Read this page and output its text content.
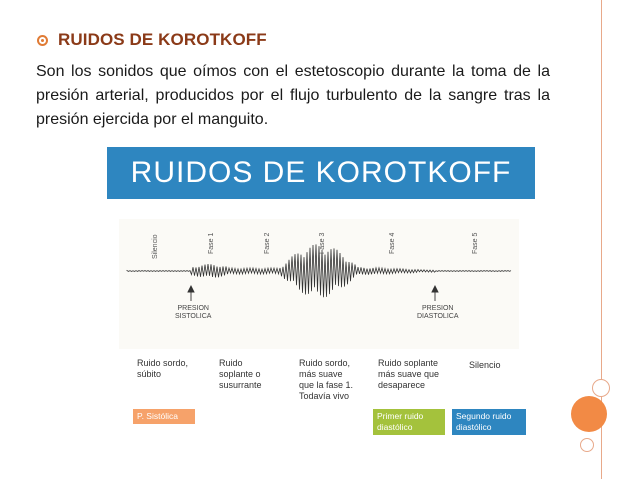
RUIDOS DE KOROTKOFF

Son los sonidos que oímos con el estetoscopio durante la toma de la presión arterial, producidos por el flujo turbulento de la sangre tras la presión ejercida por el manguito.

RUIDOS DE KOROTKOFF
Silencio	Fase 1	Fase 2	Fase 3	Fase 4	Fase 5
PRESION
SISTOLICA
PRESION
DIASTOLICA
Ruido sordo,
súbito
Ruido
soplante o
susurrante
Ruido sordo,
más suave
que la fase 1.
Todavía vivo
Ruido soplante
más suave que
desaparece
Silencio
P. Sistólica	Primer ruido
diastólico
Segundo ruido
diastólico
